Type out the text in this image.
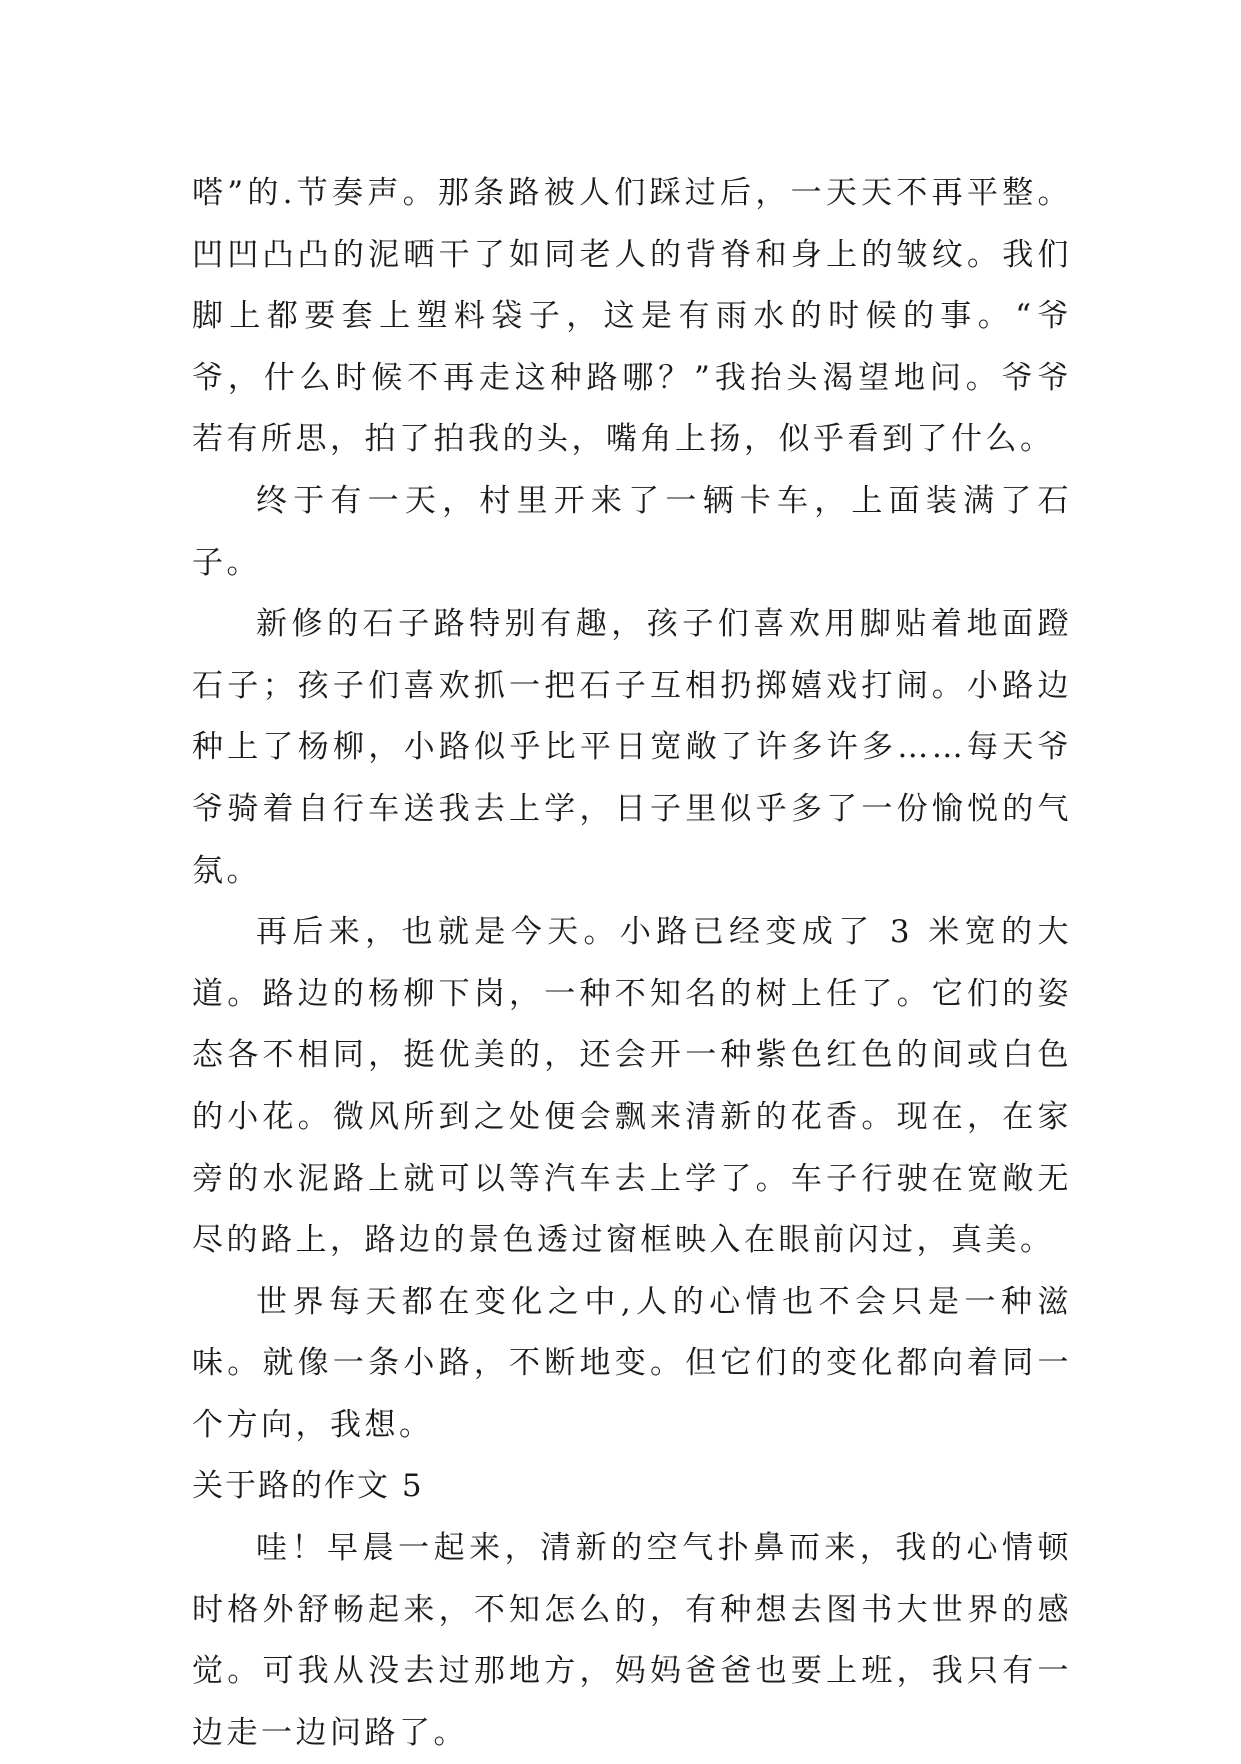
嗒”的.节奏声。那条路被人们踩过后，一天天不再平整。凹凹凸凸的泥晒干了如同老人的背脊和身上的皱纹。我们脚上都要套上塑料袋子，这是有雨水的时候的事。“爷爷，什么时候不再走这种路哪？”我抬头渴望地问。爷爷若有所思，拍了拍我的头，嘴角上扬，似乎看到了什么。

终于有一天，村里开来了一辆卡车，上面装满了石子。

新修的石子路特别有趣，孩子们喜欢用脚贴着地面蹬石子；孩子们喜欢抓一把石子互相扔掷嬉戏打闹。小路边种上了杨柳，小路似乎比平日宽敞了许多许多……每天爷爷骑着自行车送我去上学，日子里似乎多了一份愉悦的气氛。

再后来，也就是今天。小路已经变成了 3 米宽的大道。路边的杨柳下岗，一种不知名的树上任了。它们的姿态各不相同，挺优美的，还会开一种紫色红色的间或白色的小花。微风所到之处便会飘来清新的花香。现在，在家旁的水泥路上就可以等汽车去上学了。车子行驶在宽敞无尽的路上，路边的景色透过窗框映入在眼前闪过，真美。

世界每天都在变化之中,人的心情也不会只是一种滋味。就像一条小路，不断地变。但它们的变化都向着同一个方向，我想。

关于路的作文 5

哇！早晨一起来，清新的空气扑鼻而来，我的心情顿时格外舒畅起来，不知怎么的，有种想去图书大世界的感觉。可我从没去过那地方，妈妈爸爸也要上班，我只有一边走一边问路了。
